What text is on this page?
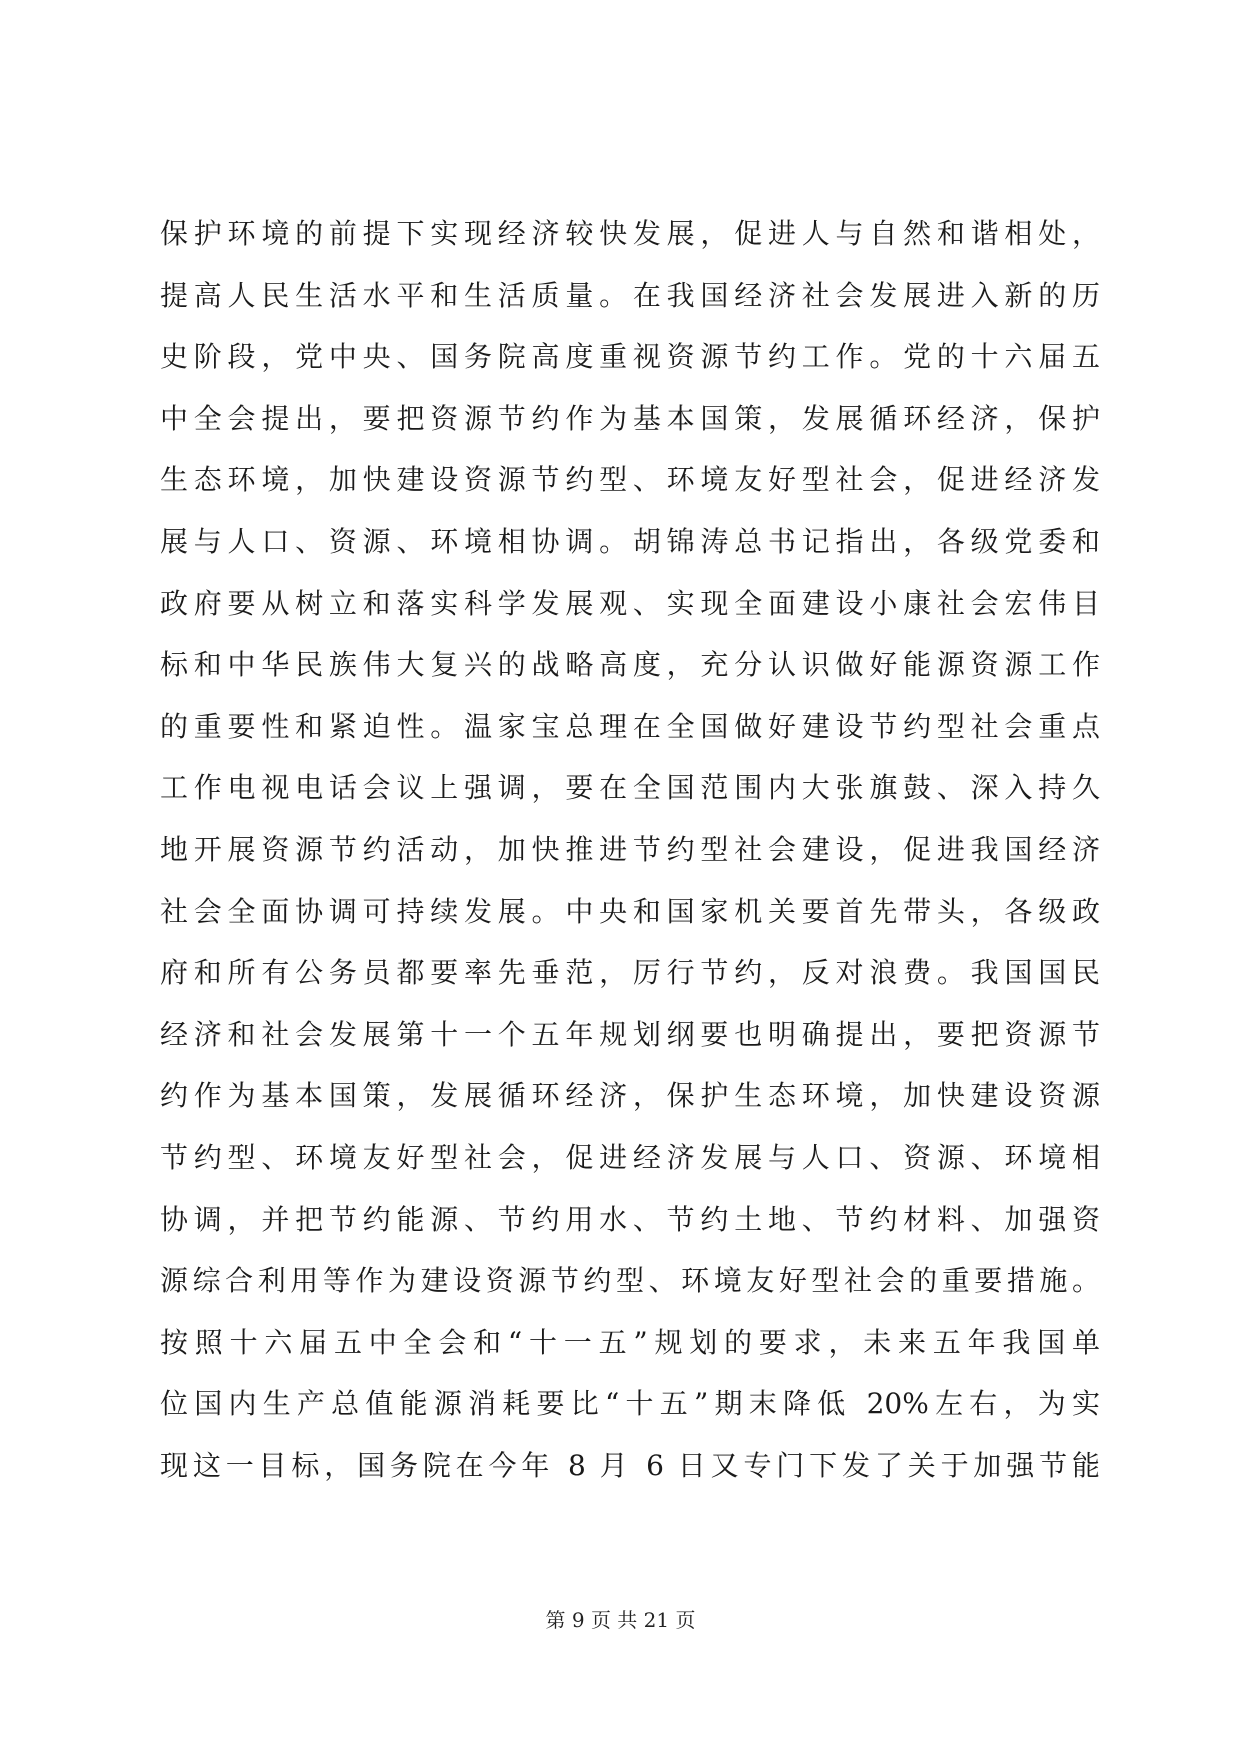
保护环境的前提下实现经济较快发展，促进人与自然和谐相处，
提高人民生活水平和生活质量。在我国经济社会发展进入新的历
史阶段，党中央、国务院高度重视资源节约工作。党的十六届五
中全会提出，要把资源节约作为基本国策，发展循环经济，保护
生态环境，加快建设资源节约型、环境友好型社会，促进经济发
展与人口、资源、环境相协调。胡锦涛总书记指出，各级党委和
政府要从树立和落实科学发展观、实现全面建设小康社会宏伟目
标和中华民族伟大复兴的战略高度，充分认识做好能源资源工作
的重要性和紧迫性。温家宝总理在全国做好建设节约型社会重点
工作电视电话会议上强调，要在全国范围内大张旗鼓、深入持久
地开展资源节约活动，加快推进节约型社会建设，促进我国经济
社会全面协调可持续发展。中央和国家机关要首先带头，各级政
府和所有公务员都要率先垂范，厉行节约，反对浪费。我国国民
经济和社会发展第十一个五年规划纲要也明确提出，要把资源节
约作为基本国策，发展循环经济，保护生态环境，加快建设资源
节约型、环境友好型社会，促进经济发展与人口、资源、环境相
协调，并把节约能源、节约用水、节约土地、节约材料、加强资
源综合利用等作为建设资源节约型、环境友好型社会的重要措施。
按照十六届五中全会和“十一五”规划的要求，未来五年我国单
位国内生产总值能源消耗要比“十五”期末降低 20%左右，为实
现这一目标，国务院在今年 8 月 6 日又专门下发了关于加强节能
第 9 页 共 21 页
